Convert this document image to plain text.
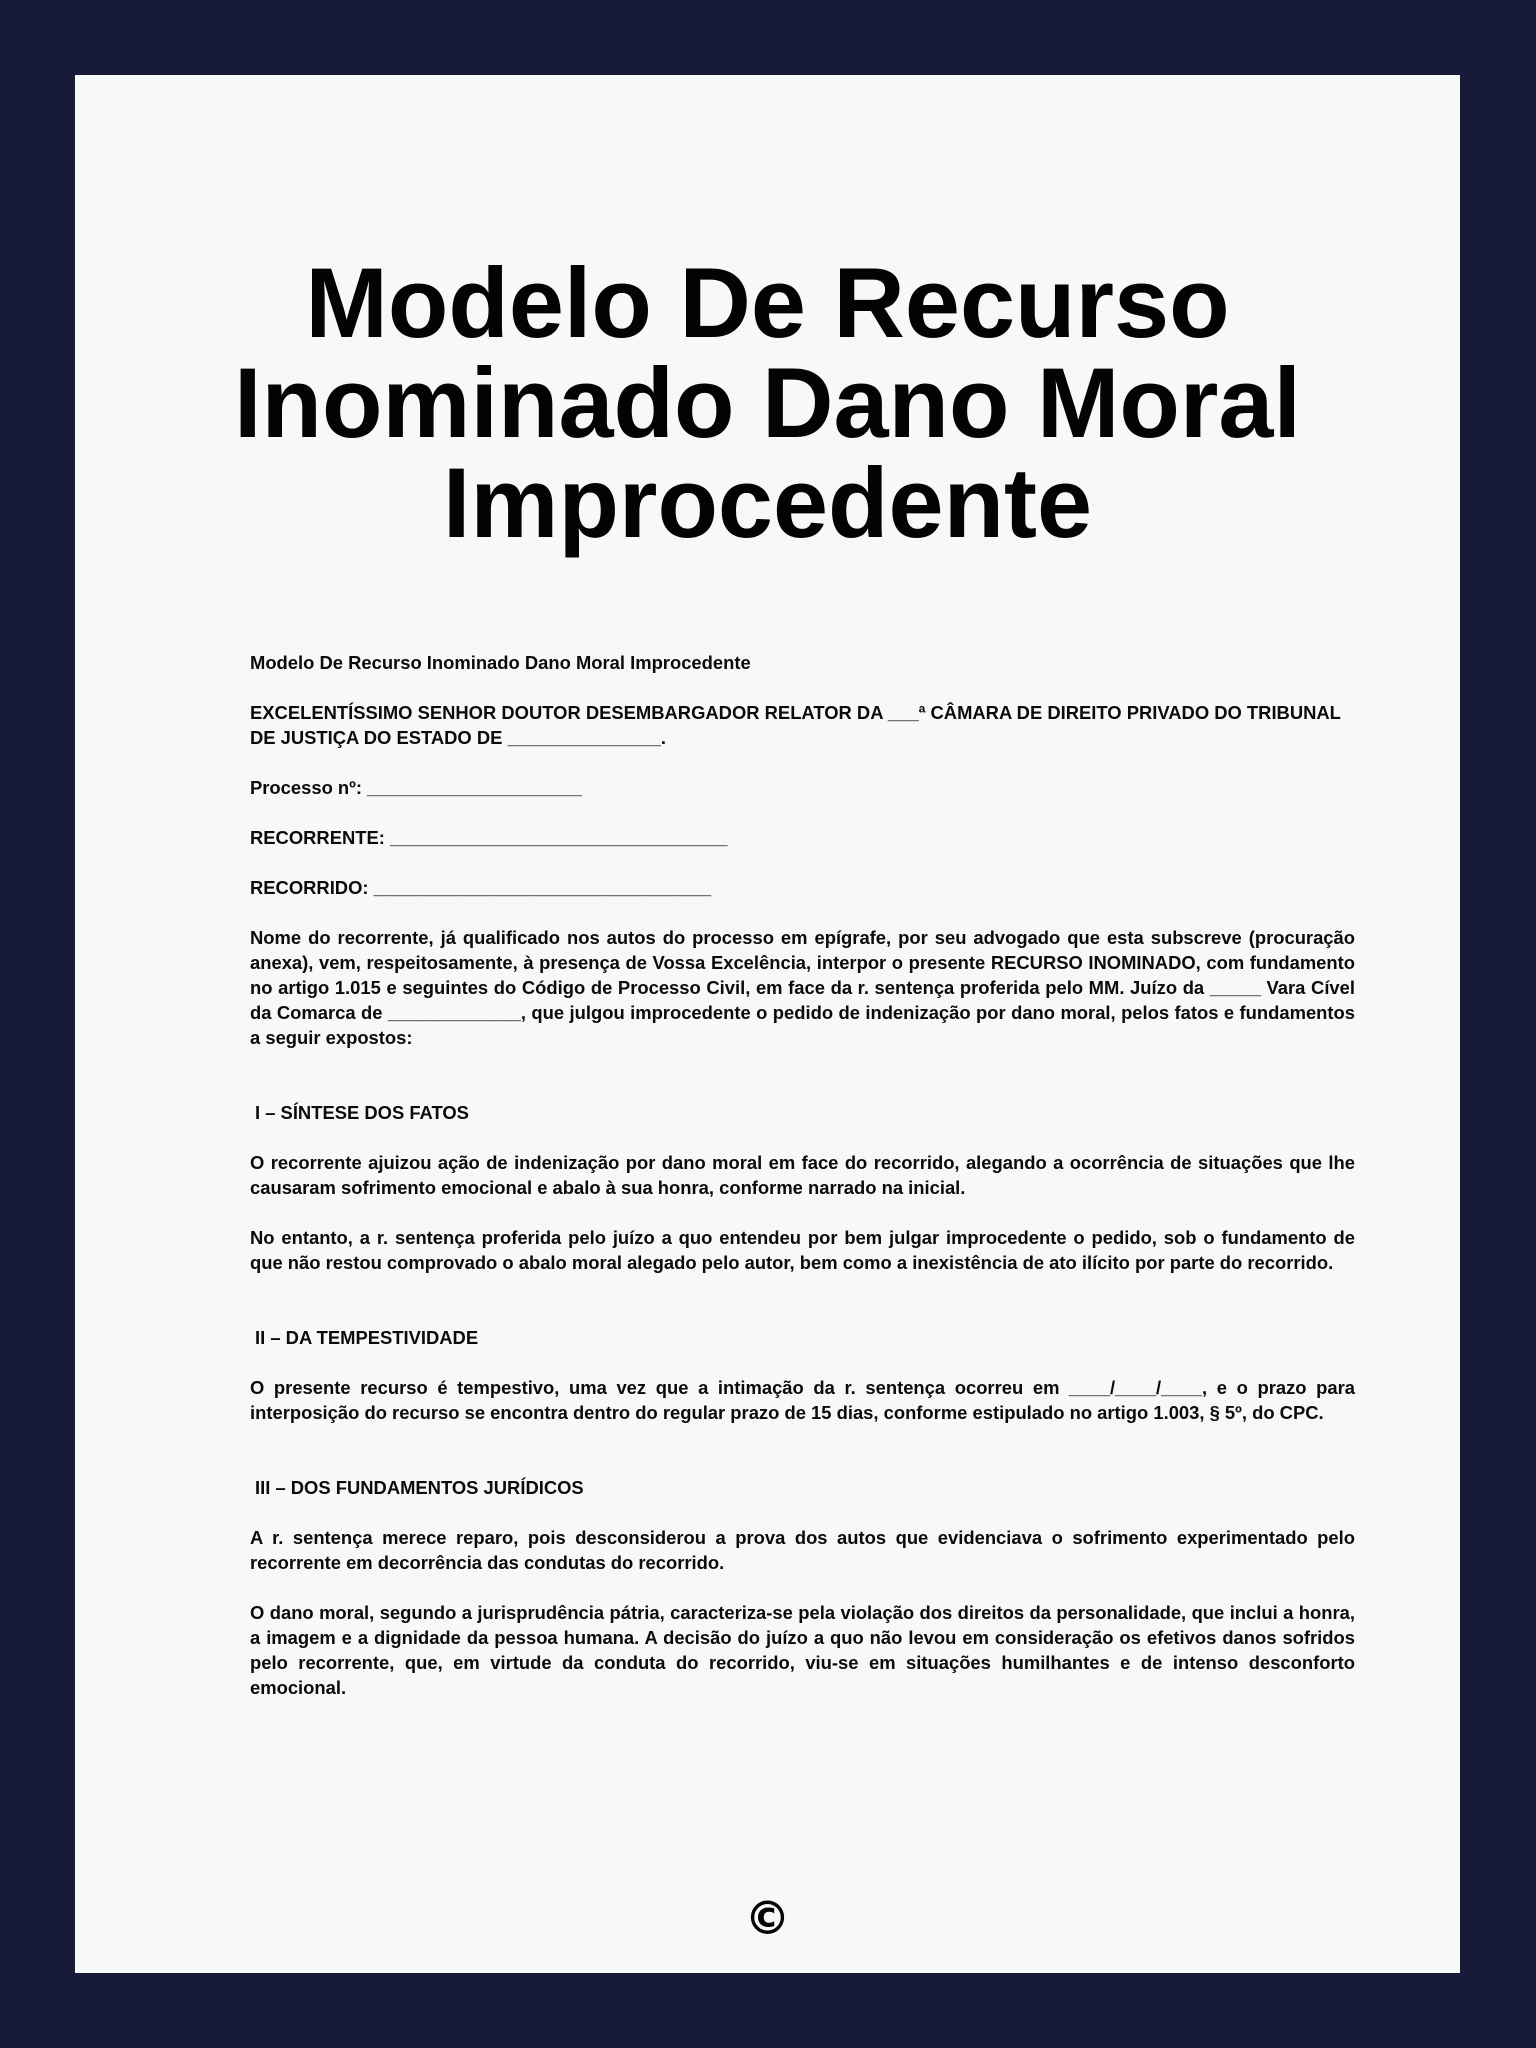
Modelo De Recurso
Inominado Dano Moral
Improcedente

Modelo De Recurso Inominado Dano Moral Improcedente

EXCELENTÍSSIMO SENHOR DOUTOR DESEMBARGADOR RELATOR DA ___ª CÂMARA DE DIREITO PRIVADO DO TRIBUNAL DE JUSTIÇA DO ESTADO DE _______________.

Processo nº: _____________________

RECORRENTE: _________________________________

RECORRIDO: _________________________________

Nome do recorrente, já qualificado nos autos do processo em epígrafe, por seu advogado que esta subscreve (procuração anexa), vem, respeitosamente, à presença de Vossa Excelência, interpor o presente RECURSO INOMINADO, com fundamento no artigo 1.015 e seguintes do Código de Processo Civil, em face da r. sentença proferida pelo MM. Juízo da _____ Vara Cível da Comarca de _____________, que julgou improcedente o pedido de indenização por dano moral, pelos fatos e fundamentos a seguir expostos:

I – SÍNTESE DOS FATOS

O recorrente ajuizou ação de indenização por dano moral em face do recorrido, alegando a ocorrência de situações que lhe causaram sofrimento emocional e abalo à sua honra, conforme narrado na inicial.

No entanto, a r. sentença proferida pelo juízo a quo entendeu por bem julgar improcedente o pedido, sob o fundamento de que não restou comprovado o abalo moral alegado pelo autor, bem como a inexistência de ato ilícito por parte do recorrido.

II – DA TEMPESTIVIDADE

O presente recurso é tempestivo, uma vez que a intimação da r. sentença ocorreu em ____/____/____, e o prazo para interposição do recurso se encontra dentro do regular prazo de 15 dias, conforme estipulado no artigo 1.003, § 5º, do CPC.

III – DOS FUNDAMENTOS JURÍDICOS

A r. sentença merece reparo, pois desconsiderou a prova dos autos que evidenciava o sofrimento experimentado pelo recorrente em decorrência das condutas do recorrido.

O dano moral, segundo a jurisprudência pátria, caracteriza-se pela violação dos direitos da personalidade, que inclui a honra, a imagem e a dignidade da pessoa humana. A decisão do juízo a quo não levou em consideração os efetivos danos sofridos pelo recorrente, que, em virtude da conduta do recorrido, viu-se em situações humilhantes e de intenso desconforto emocional.

©
